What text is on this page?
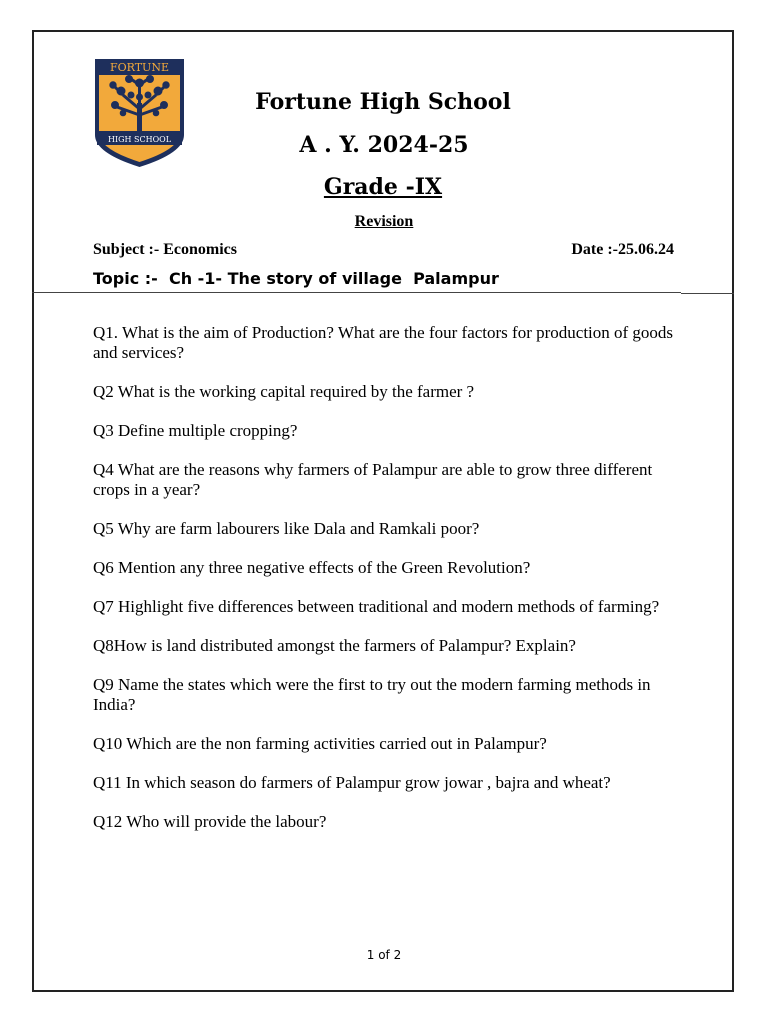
FORTUNE
HIGH SCHOOL
Fortune High School
A . Y. 2024-25
Grade -IX
Revision
Subject :- Economics	Date :-25.06.24
Topic :-  Ch -1- The story of village  Palampur
Q1. What is the aim of Production? What are the four factors for production of goods and services?
Q2 What is the working capital required by the farmer ?
Q3 Define multiple cropping?
Q4 What are the reasons why farmers of Palampur are able to grow three different crops in a year?
Q5 Why are farm labourers like Dala and Ramkali poor?
Q6 Mention any three negative effects of the Green Revolution?
Q7 Highlight five differences between traditional and modern methods of farming?
Q8How is land distributed amongst the farmers of Palampur? Explain?
Q9 Name the states which were the first to try out the modern farming methods in India?
Q10 Which are the non farming activities carried out in Palampur?
Q11 In which season do farmers of Palampur grow jowar , bajra and wheat?
Q12 Who will provide the labour?
1 of 2
